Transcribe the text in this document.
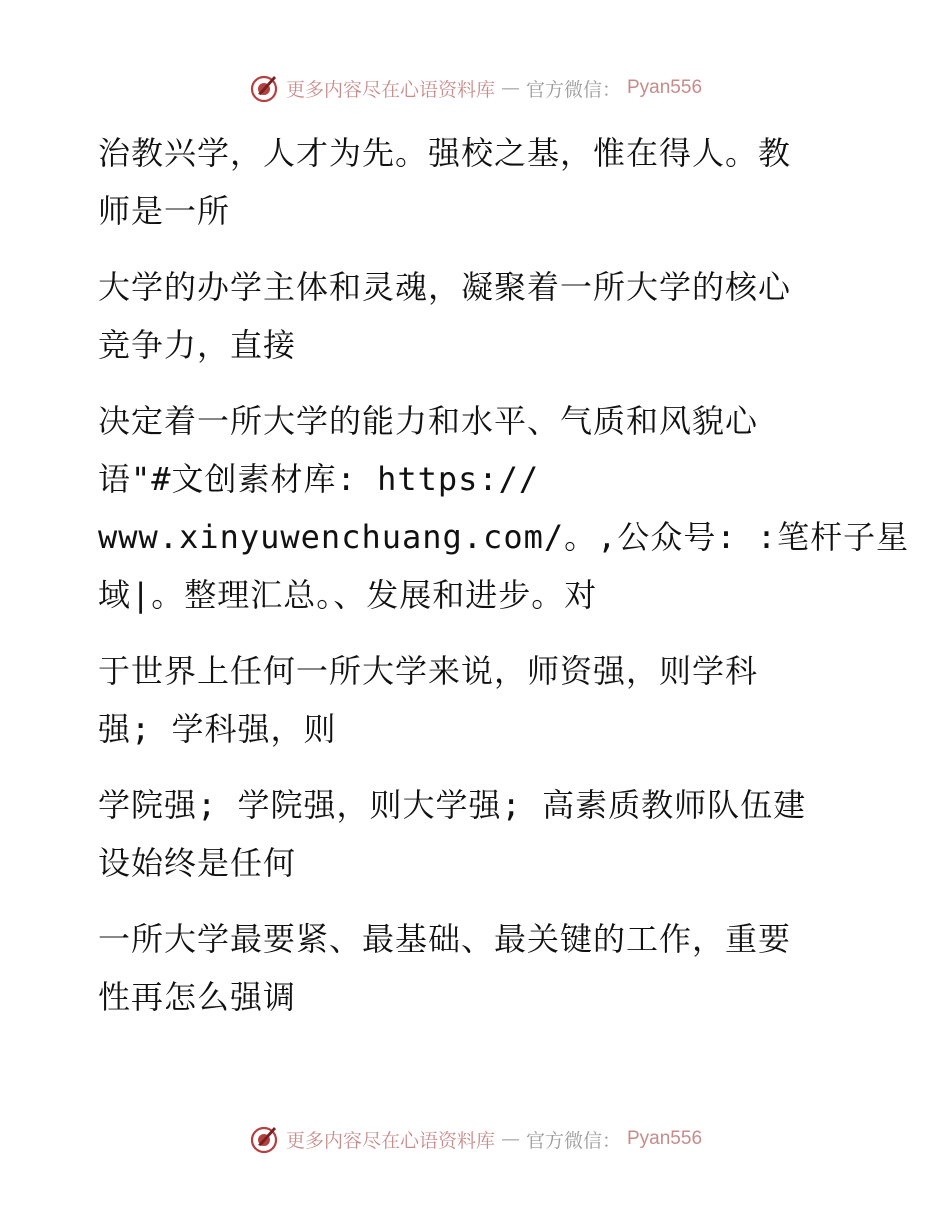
更多内容尽在心语资料库 — 官方微信： Pyan556
治教兴学，人才为先。强校之基，惟在得人。教
师是一所
大学的办学主体和灵魂，凝聚着一所大学的核心
竞争力，直接
决定着一所大学的能力和水平、气质和风貌心
语"#文创素材库: https://
www.xinyuwenchuang.com/。,公众号: :笔杆子星
域|。整理汇总。、发展和进步。对
于世界上任何一所大学来说，师资强，则学科
强; 学科强，则
学院强; 学院强，则大学强; 高素质教师队伍建
设始终是任何
一所大学最要紧、最基础、最关键的工作，重要
性再怎么强调
更多内容尽在心语资料库 — 官方微信： Pyan556
